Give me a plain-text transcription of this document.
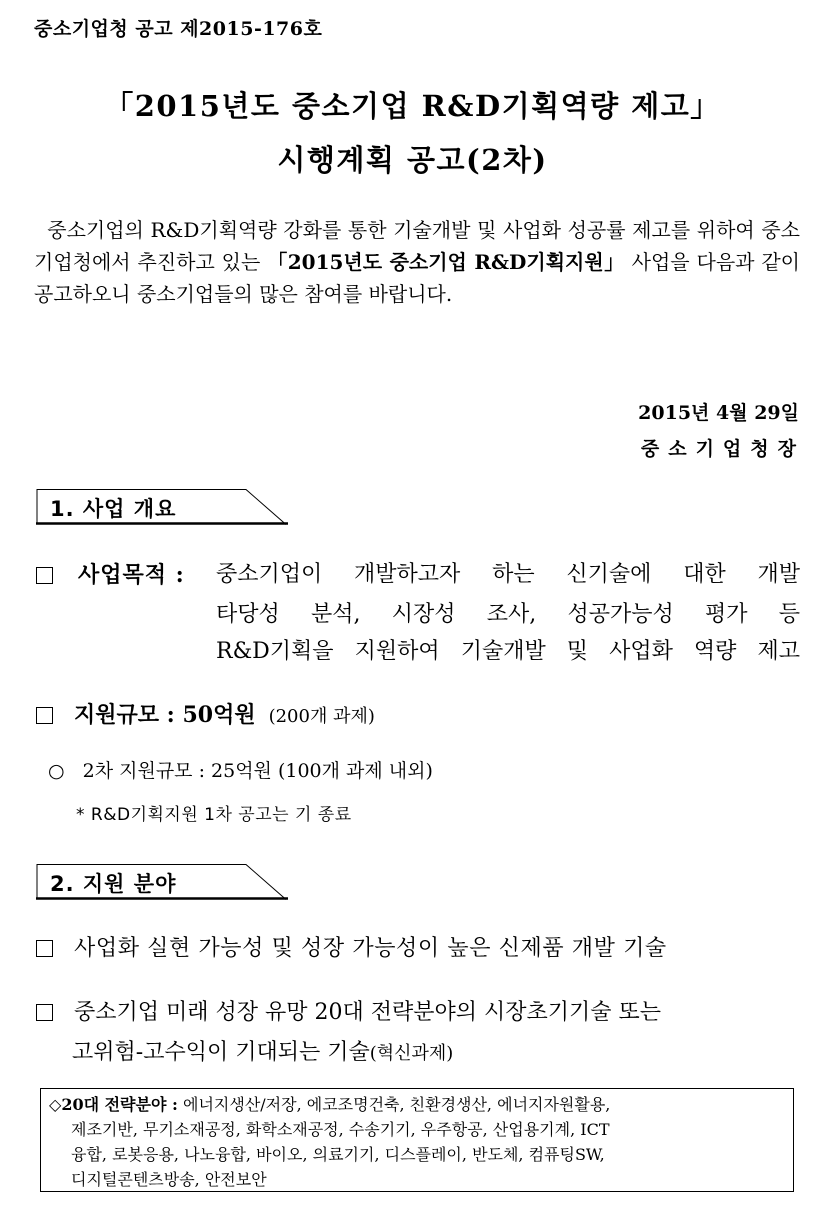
중소기업청 공고 제2015-176호
「2015년도 중소기업 R&D기획역량 제고」
시행계획 공고(2차)
중소기업의 R&D기획역량 강화를 통한 기술개발 및 사업화 성공률 제고를 위하여 중소기업청에서 추진하고 있는 「2015년도 중소기업 R&D기획지원」 사업을 다음과 같이 공고하오니 중소기업들의 많은 참여를 바랍니다.
2015년 4월 29일
중소기업청장
1. 사업 개요
사업목적 : 중소기업이 개발하고자 하는 신기술에 대한 개발
타당성 분석, 시장성 조사, 성공가능성 평가 등
R&D기획을 지원하여 기술개발 및 사업화 역량 제고
지원규모 : 50억원 (200개 과제)
○ 2차 지원규모 : 25억원 (100개 과제 내외)
* R&D기획지원 1차 공고는 기 종료
2. 지원 분야
사업화 실현 가능성 및 성장 가능성이 높은 신제품 개발 기술
중소기업 미래 성장 유망 20대 전략분야의 시장초기기술 또는
고위험-고수익이 기대되는 기술(혁신과제)
◇20대 전략분야 : 에너지생산/저장, 에코조명건축, 친환경생산, 에너지자원활용,
제조기반, 무기소재공정, 화학소재공정, 수송기기, 우주항공, 산업용기계, ICT
융합, 로봇응용, 나노융합, 바이오, 의료기기, 디스플레이, 반도체, 컴퓨팅SW,
디지털콘텐츠방송, 안전보안
